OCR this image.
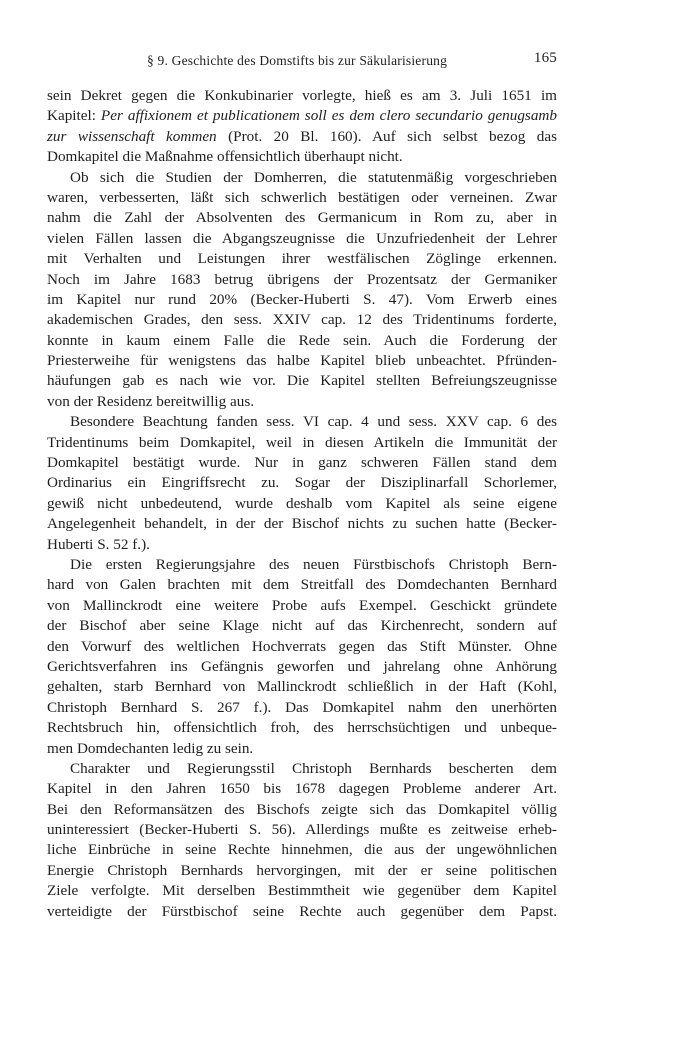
§ 9. Geschichte des Domstifts bis zur Säkularisierung	165
sein Dekret gegen die Konkubinarier vorlegte, hieß es am 3. Juli 1651 im
Kapitel: Per affixionem et publicationem soll es dem clero secundario genugsamb
zur wissenschaft kommen (Prot. 20 Bl. 160). Auf sich selbst bezog das
Domkapitel die Maßnahme offensichtlich überhaupt nicht.
Ob sich die Studien der Domherren, die statutenmäßig vorgeschrieben
waren, verbesserten, läßt sich schwerlich bestätigen oder verneinen. Zwar
nahm die Zahl der Absolventen des Germanicum in Rom zu, aber in
vielen Fällen lassen die Abgangszeugnisse die Unzufriedenheit der Lehrer
mit Verhalten und Leistungen ihrer westfälischen Zöglinge erkennen.
Noch im Jahre 1683 betrug übrigens der Prozentsatz der Germaniker
im Kapitel nur rund 20% (Becker-Huberti S. 47). Vom Erwerb eines
akademischen Grades, den sess. XXIV cap. 12 des Tridentinums forderte,
konnte in kaum einem Falle die Rede sein. Auch die Forderung der
Priesterweihe für wenigstens das halbe Kapitel blieb unbeachtet. Pfründen-
häufungen gab es nach wie vor. Die Kapitel stellten Befreiungszeugnisse
von der Residenz bereitwillig aus.
Besondere Beachtung fanden sess. VI cap. 4 und sess. XXV cap. 6 des
Tridentinums beim Domkapitel, weil in diesen Artikeln die Immunität der
Domkapitel bestätigt wurde. Nur in ganz schweren Fällen stand dem
Ordinarius ein Eingriffsrecht zu. Sogar der Disziplinarfall Schorlemer,
gewiß nicht unbedeutend, wurde deshalb vom Kapitel als seine eigene
Angelegenheit behandelt, in der der Bischof nichts zu suchen hatte (Becker-
Huberti S. 52 f.).
Die ersten Regierungsjahre des neuen Fürstbischofs Christoph Bern-
hard von Galen brachten mit dem Streitfall des Domdechanten Bernhard
von Mallinckrodt eine weitere Probe aufs Exempel. Geschickt gründete
der Bischof aber seine Klage nicht auf das Kirchenrecht, sondern auf
den Vorwurf des weltlichen Hochverrats gegen das Stift Münster. Ohne
Gerichtsverfahren ins Gefängnis geworfen und jahrelang ohne Anhörung
gehalten, starb Bernhard von Mallinckrodt schließlich in der Haft (Kohl,
Christoph Bernhard S. 267 f.). Das Domkapitel nahm den unerhörten
Rechtsbruch hin, offensichtlich froh, des herrschsüchtigen und unbeque-
men Domdechanten ledig zu sein.
Charakter und Regierungsstil Christoph Bernhards bescherten dem
Kapitel in den Jahren 1650 bis 1678 dagegen Probleme anderer Art.
Bei den Reformansätzen des Bischofs zeigte sich das Domkapitel völlig
uninteressiert (Becker-Huberti S. 56). Allerdings mußte es zeitweise erheb-
liche Einbrüche in seine Rechte hinnehmen, die aus der ungewöhnlichen
Energie Christoph Bernhards hervorgingen, mit der er seine politischen
Ziele verfolgte. Mit derselben Bestimmtheit wie gegenüber dem Kapitel
verteidigte der Fürstbischof seine Rechte auch gegenüber dem Papst.
